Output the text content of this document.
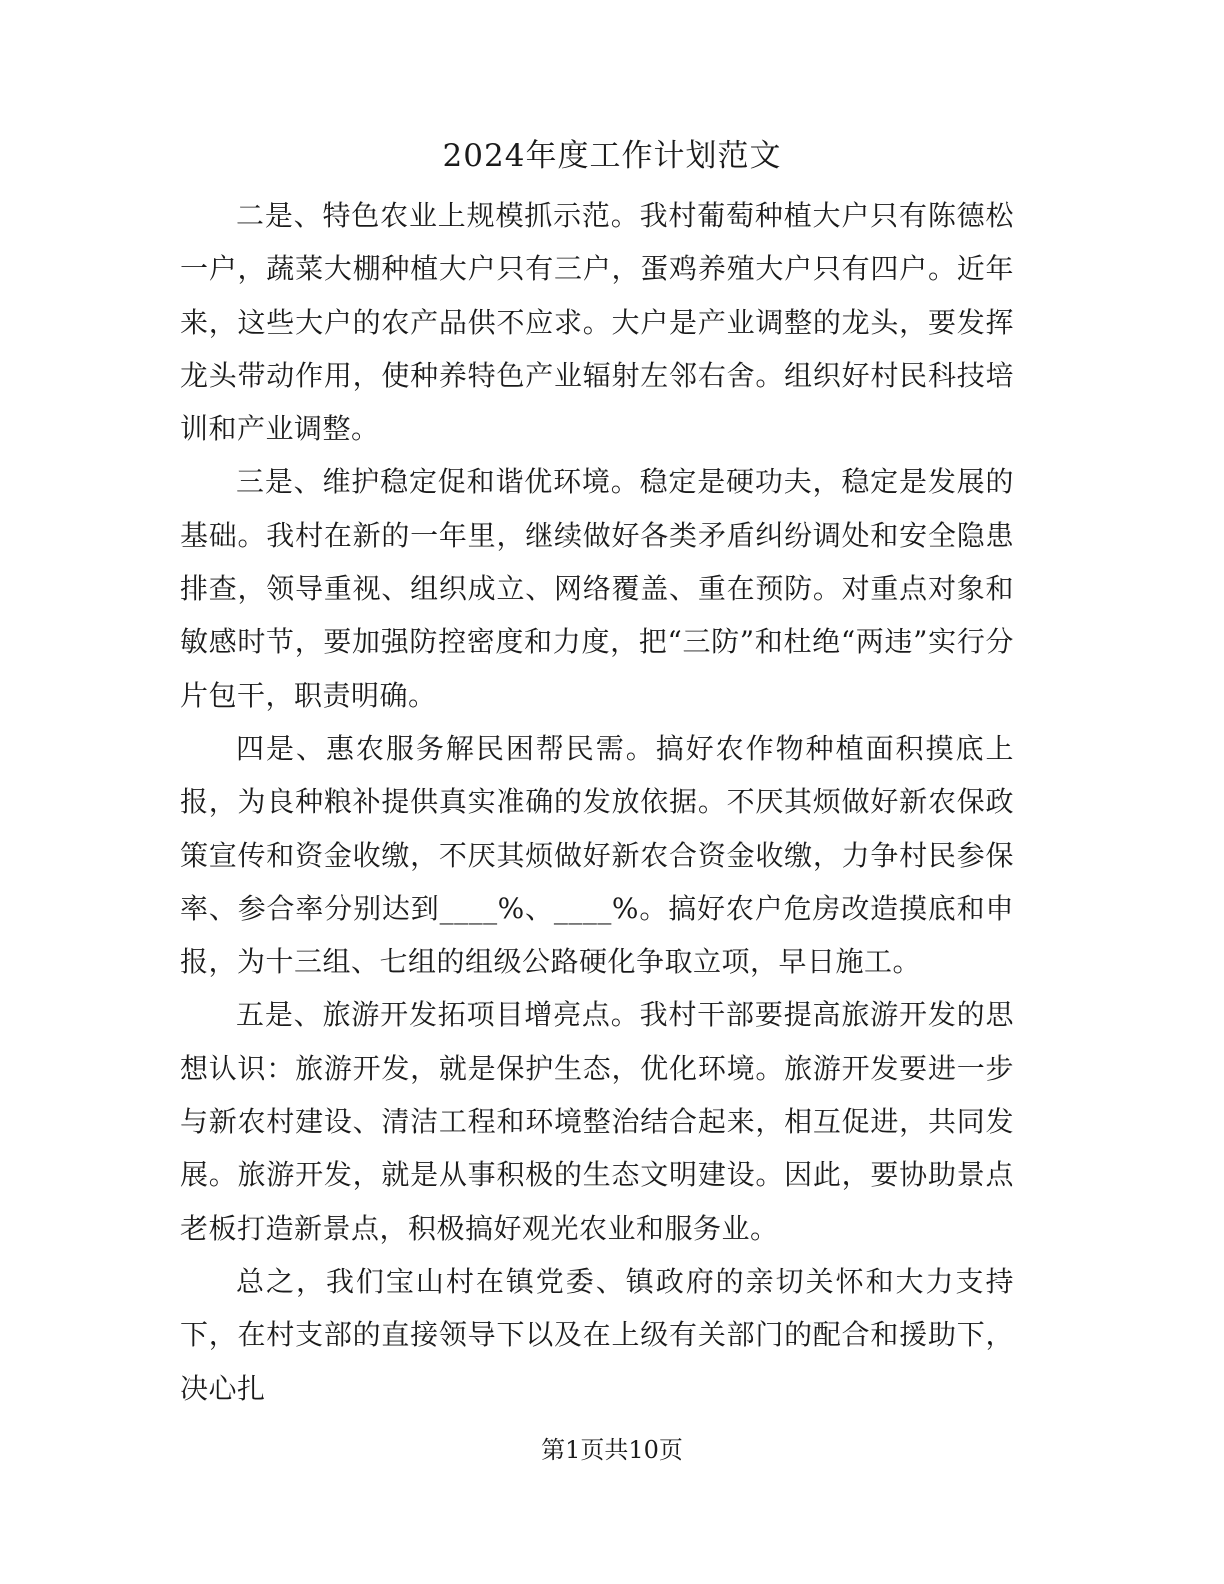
2024年度工作计划范文

二是、特色农业上规模抓示范。我村葡萄种植大户只有陈德松一户，蔬菜大棚种植大户只有三户，蛋鸡养殖大户只有四户。近年来，这些大户的农产品供不应求。大户是产业调整的龙头，要发挥龙头带动作用，使种养特色产业辐射左邻右舍。组织好村民科技培训和产业调整。

三是、维护稳定促和谐优环境。稳定是硬功夫，稳定是发展的基础。我村在新的一年里，继续做好各类矛盾纠纷调处和安全隐患排查，领导重视、组织成立、网络覆盖、重在预防。对重点对象和敏感时节，要加强防控密度和力度，把“三防”和杜绝“两违”实行分片包干，职责明确。

四是、惠农服务解民困帮民需。搞好农作物种植面积摸底上报，为良种粮补提供真实准确的发放依据。不厌其烦做好新农保政策宣传和资金收缴，不厌其烦做好新农合资金收缴，力争村民参保率、参合率分别达到____%、____%。搞好农户危房改造摸底和申报，为十三组、七组的组级公路硬化争取立项，早日施工。

五是、旅游开发拓项目增亮点。我村干部要提高旅游开发的思想认识：旅游开发，就是保护生态，优化环境。旅游开发要进一步与新农村建设、清洁工程和环境整治结合起来，相互促进，共同发展。旅游开发，就是从事积极的生态文明建设。因此，要协助景点老板打造新景点，积极搞好观光农业和服务业。

总之，我们宝山村在镇党委、镇政府的亲切关怀和大力支持下，在村支部的直接领导下以及在上级有关部门的配合和援助下，决心扎

第1页共10页
